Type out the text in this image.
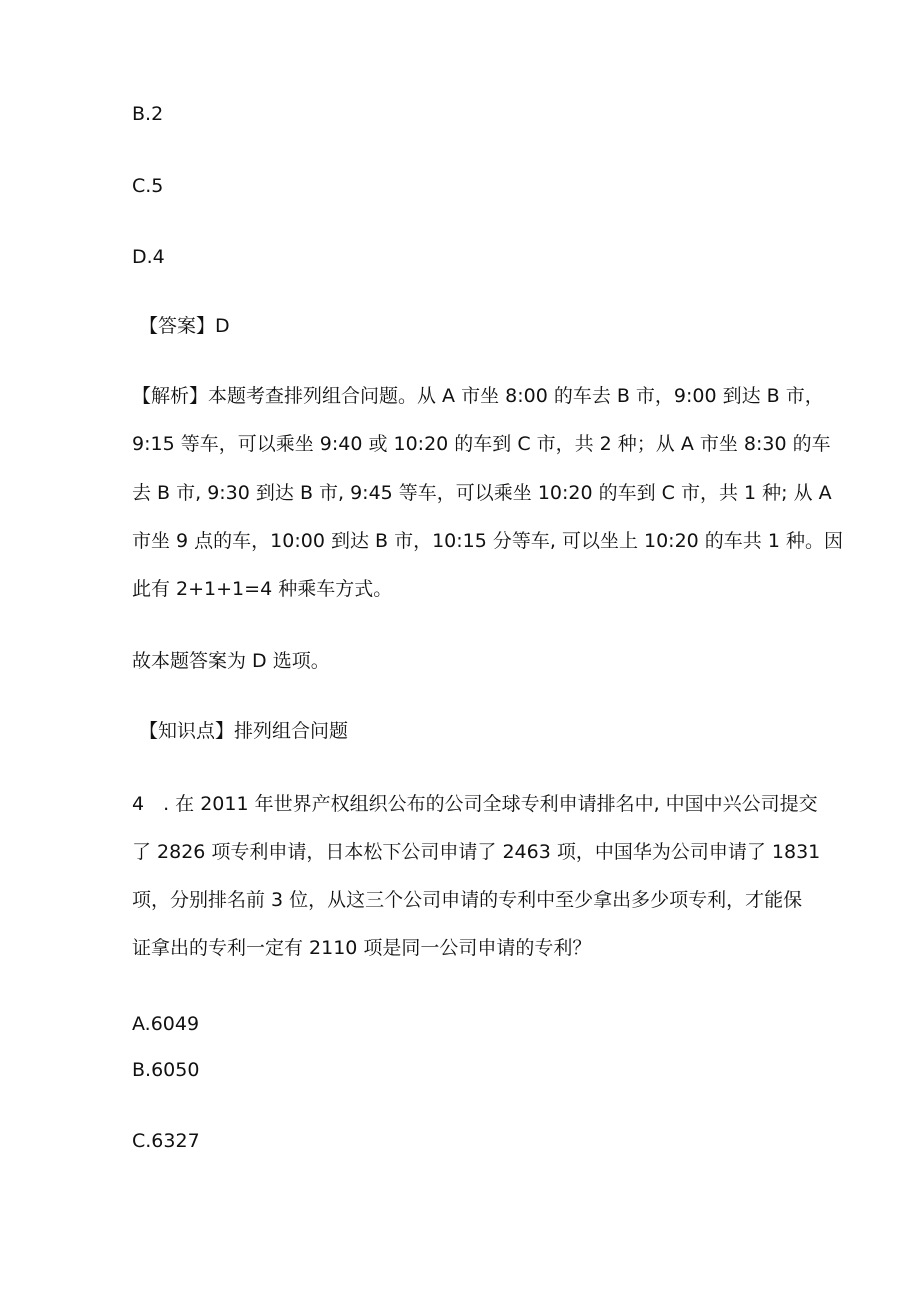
B.2
C.5
D.4
【答案】D
【解析】本题考查排列组合问题。从 A 市坐 8:00 的车去 B 市，9:00 到达 B 市，
9:15 等车，可以乘坐 9:40 或 10:20 的车到 C 市，共 2 种；从 A 市坐 8:30 的车
去 B 市, 9:30 到达 B 市, 9:45 等车，可以乘坐 10:20 的车到 C 市，共 1 种; 从 A
市坐 9 点的车，10:00 到达 B 市，10:15 分等车, 可以坐上 10:20 的车共 1 种。因
此有 2+1+1=4 种乘车方式。
故本题答案为 D 选项。
【知识点】排列组合问题
4　. 在 2011 年世界产权组织公布的公司全球专利申请排名中, 中国中兴公司提交
了 2826 项专利申请，日本松下公司申请了 2463 项，中国华为公司申请了 1831
项，分别排名前 3 位，从这三个公司申请的专利中至少拿出多少项专利，才能保
证拿出的专利一定有 2110 项是同一公司申请的专利？
A.6049
B.6050
C.6327
